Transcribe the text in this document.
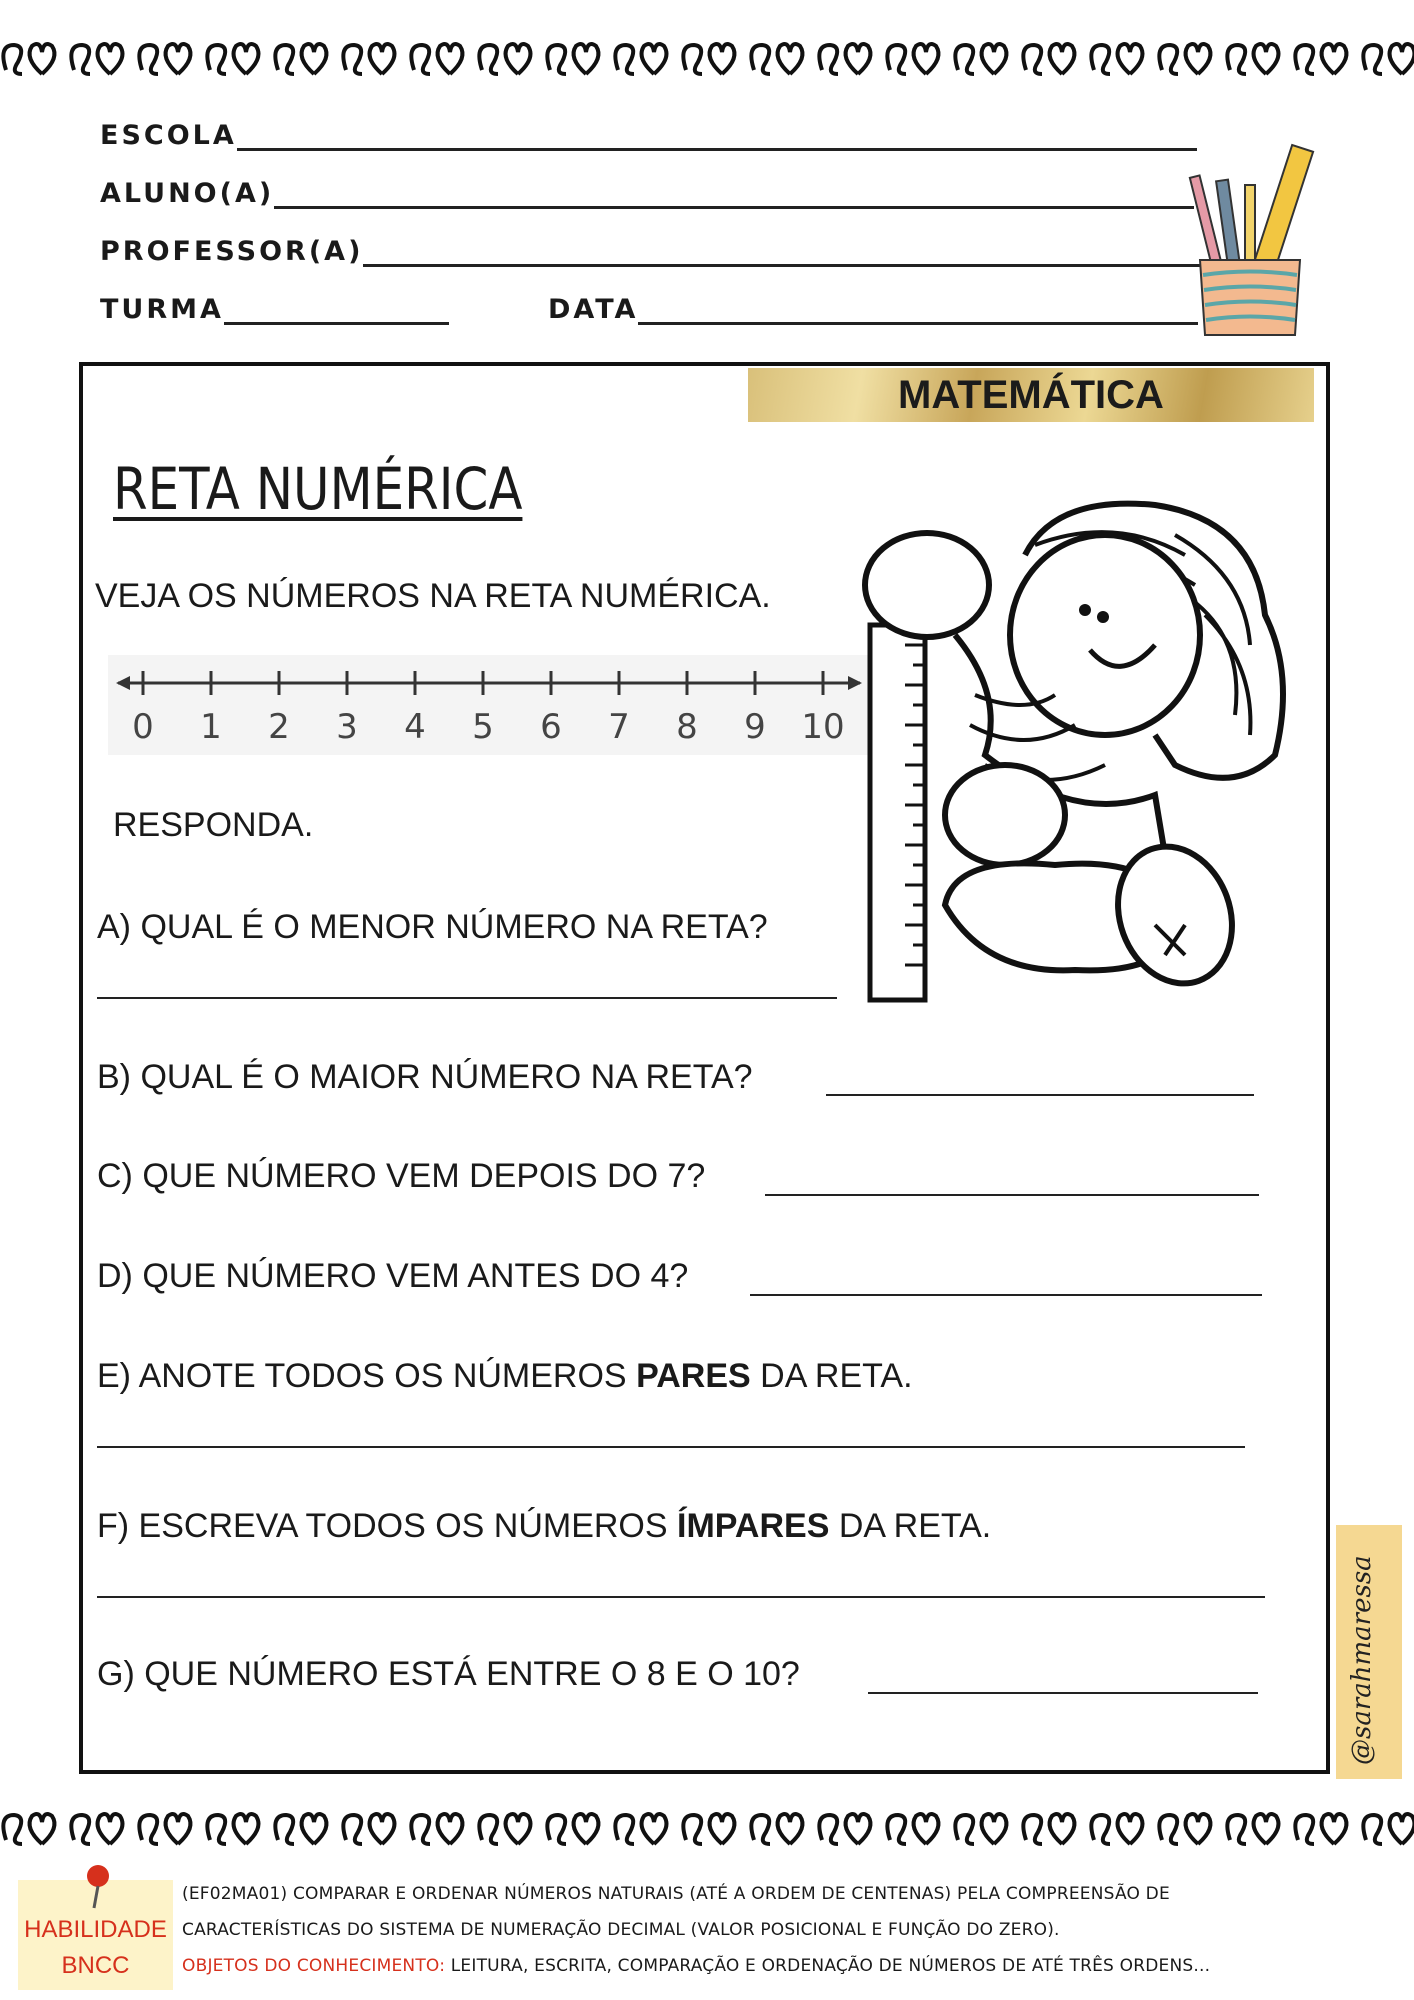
ESCOLA
ALUNO(A)
PROFESSOR(A)
TURMA	DATA
MATEMÁTICA
RETA NUMÉRICA
VEJA OS NÚMEROS NA RETA NUMÉRICA.
0 1 2 3 4 5 6 7 8 9 10
RESPONDA.
A) QUAL É O MENOR NÚMERO NA RETA?
B) QUAL É O MAIOR NÚMERO NA RETA?
C) QUE NÚMERO VEM DEPOIS DO 7?
D) QUE NÚMERO VEM ANTES DO 4?
E) ANOTE TODOS OS NÚMEROS PARES DA RETA.
F) ESCREVA TODOS OS NÚMEROS ÍMPARES DA RETA.
G) QUE NÚMERO ESTÁ ENTRE O 8 E O 10?	@sarahmaressa
HABILIDADE
BNCC
(EF02MA01) COMPARAR E ORDENAR NÚMEROS NATURAIS (ATÉ A ORDEM DE CENTENAS) PELA COMPREENSÃO DE
CARACTERÍSTICAS DO SISTEMA DE NUMERAÇÃO DECIMAL (VALOR POSICIONAL E FUNÇÃO DO ZERO).
OBJETOS DO CONHECIMENTO: LEITURA, ESCRITA, COMPARAÇÃO E ORDENAÇÃO DE NÚMEROS DE ATÉ TRÊS ORDENS...
